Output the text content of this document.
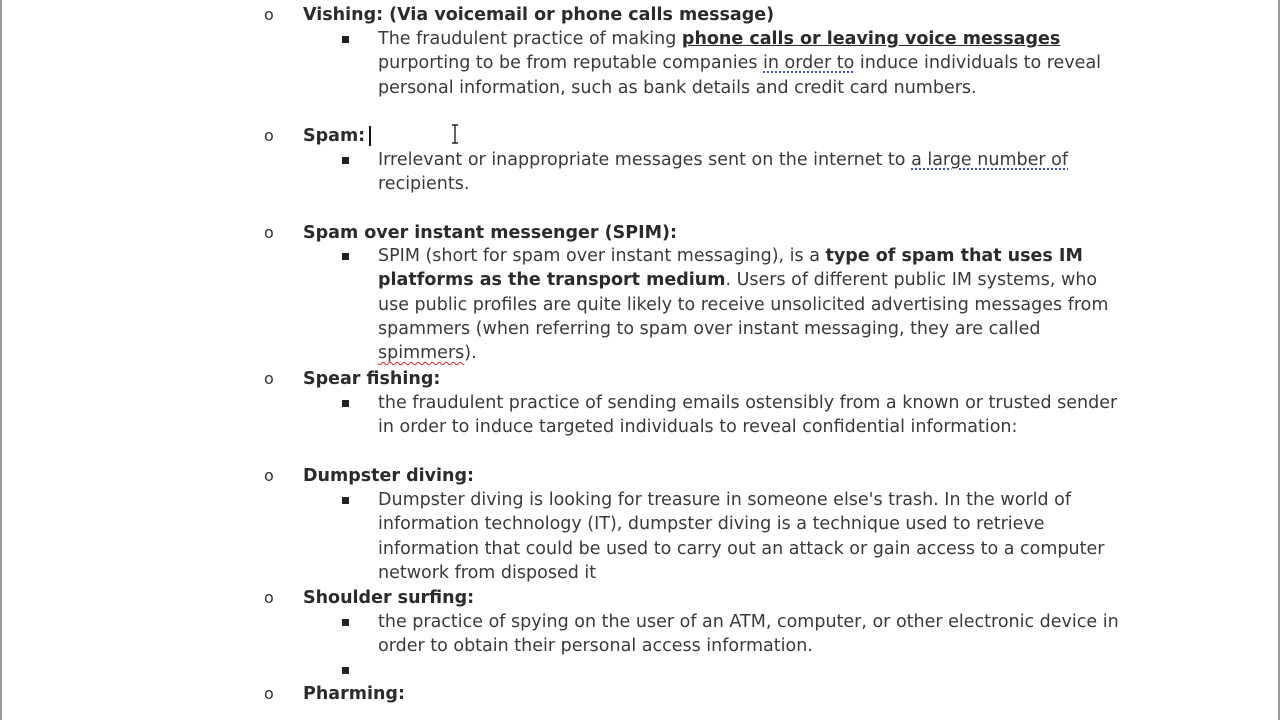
o	Vishing: (Via voicemail or phone calls message)
The fraudulent practice of making phone calls or leaving voice messages purporting to be from reputable companies in order to induce individuals to reveal personal information, such as bank details and credit card numbers.
o	Spam:
Irrelevant or inappropriate messages sent on the internet to a large number of recipients.
o	Spam over instant messenger (SPIM):
SPIM (short for spam over instant messaging), is a type of spam that uses IM platforms as the transport medium. Users of different public IM systems, who use public profiles are quite likely to receive unsolicited advertising messages from spammers (when referring to spam over instant messaging, they are called spimmers).
o	Spear fishing:
the fraudulent practice of sending emails ostensibly from a known or trusted sender in order to induce targeted individuals to reveal confidential information:
o	Dumpster diving:
Dumpster diving is looking for treasure in someone else's trash. In the world of information technology (IT), dumpster diving is a technique used to retrieve information that could be used to carry out an attack or gain access to a computer network from disposed it
o	Shoulder surfing:
the practice of spying on the user of an ATM, computer, or other electronic device in order to obtain their personal access information.
o	Pharming:
